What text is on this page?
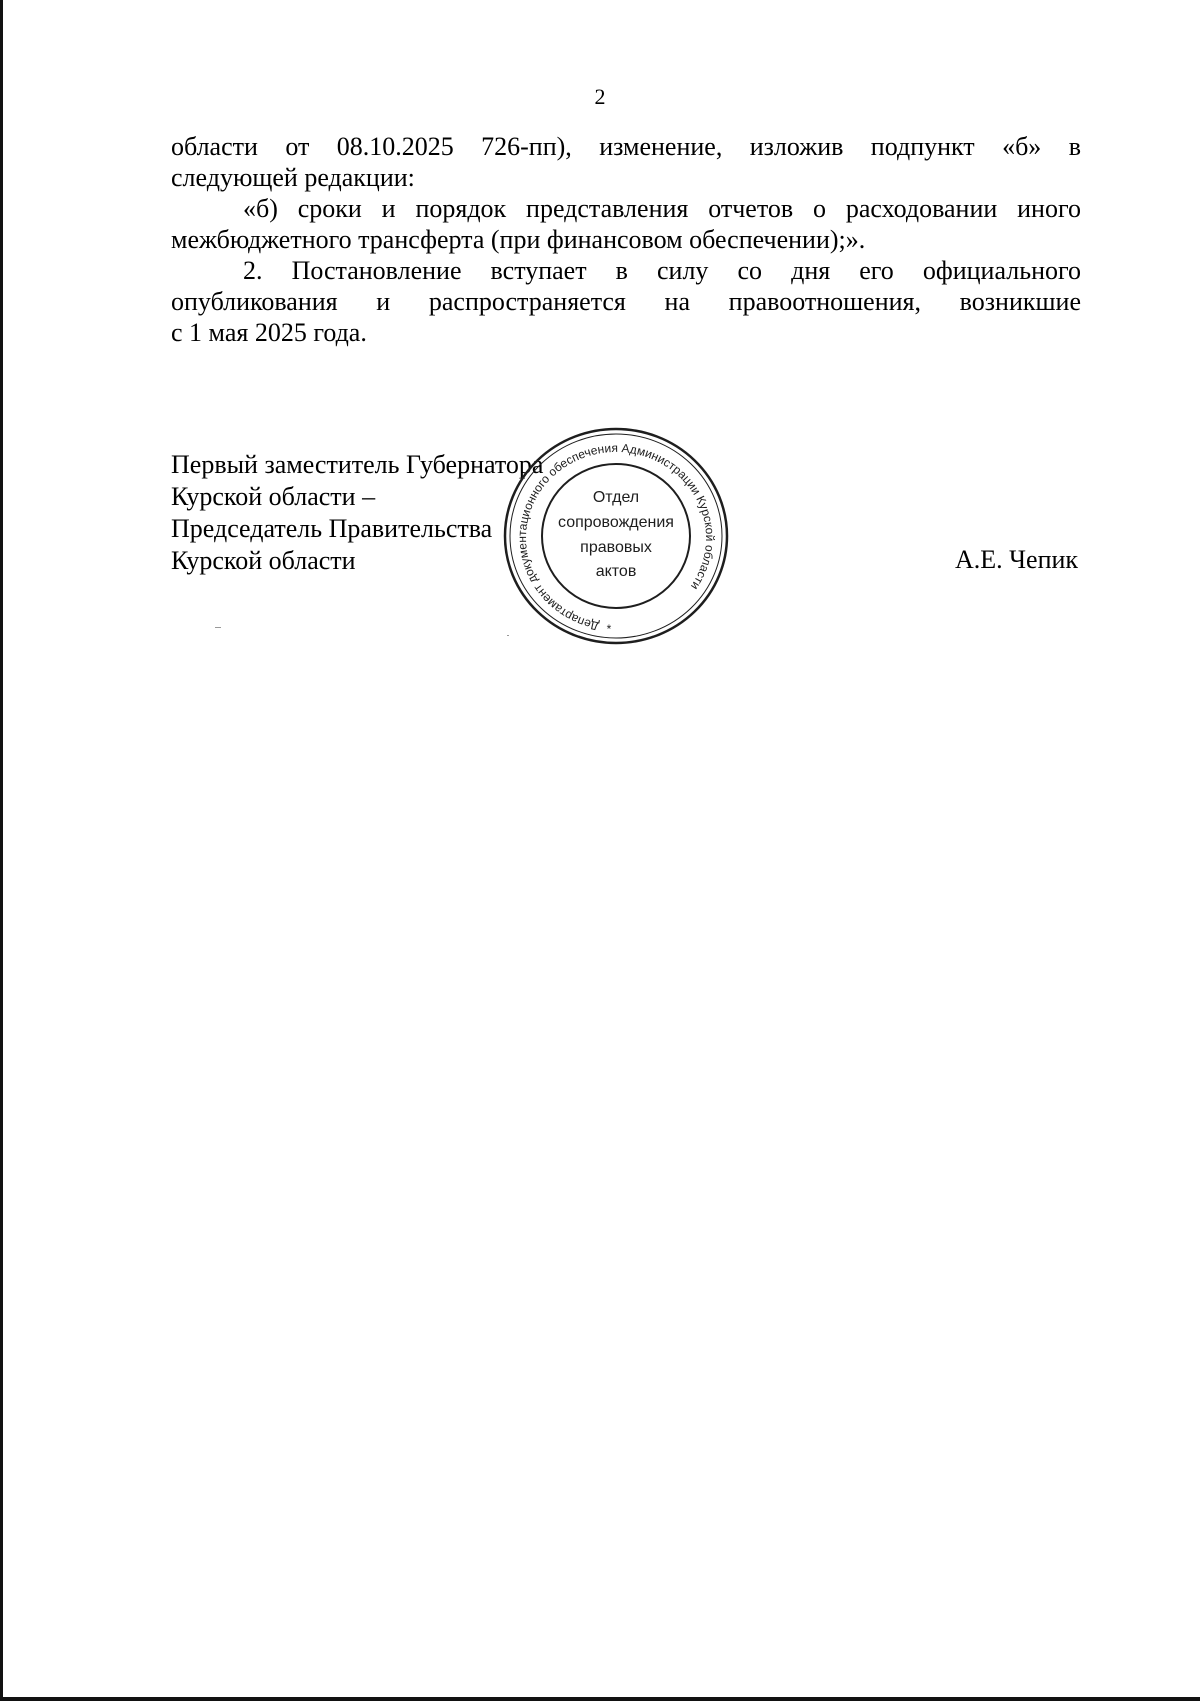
2

области от 08.10.2025 726-пп), изменение, изложив подпункт «б» в

следующей редакции:

«б) сроки и порядок представления отчетов о расходовании иного

межбюджетного трансферта (при финансовом обеспечении);».

2. Постановление вступает в силу со дня его официального

опубликования и распространяется на правоотношения, возникшие

с 1 мая 2025 года.

Первый заместитель Губернатора
Курской области –
Председатель Правительства
Курской области	А.Е. Чепик
Департамент документационного обеспечения Администрации Курской области
Отдел
сопровождения
правовых
актов
*
